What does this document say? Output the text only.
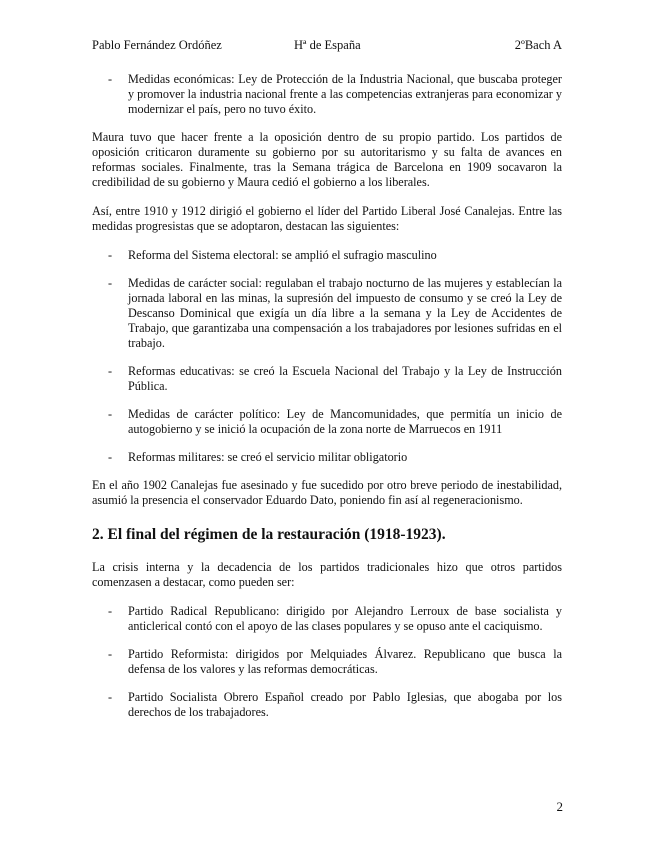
Pablo Fernández Ordóñez	Hª de España	2ºBach A
- Medidas económicas: Ley de Protección de la Industria Nacional, que buscaba proteger y promover la industria nacional frente a las competencias extranjeras para economizar y modernizar el país, pero no tuvo éxito.

Maura tuvo que hacer frente a la oposición dentro de su propio partido. Los partidos de oposición criticaron duramente su gobierno por su autoritarismo y su falta de avances en reformas sociales. Finalmente, tras la Semana trágica de Barcelona en 1909 socavaron la credibilidad de su gobierno y Maura cedió el gobierno a los liberales.

Así, entre 1910 y 1912 dirigió el gobierno el líder del Partido Liberal José Canalejas. Entre las medidas progresistas que se adoptaron, destacan las siguientes:

- Reforma del Sistema electoral: se amplió el sufragio masculino
- Medidas de carácter social: regulaban el trabajo nocturno de las mujeres y establecían la jornada laboral en las minas, la supresión del impuesto de consumo y se creó la Ley de Descanso Dominical que exigía un día libre a la semana y la Ley de Accidentes de Trabajo, que garantizaba una compensación a los trabajadores por lesiones sufridas en el trabajo.
- Reformas educativas: se creó la Escuela Nacional del Trabajo y la Ley de Instrucción Pública.
- Medidas de carácter político: Ley de Mancomunidades, que permitía un inicio de autogobierno y se inició la ocupación de la zona norte de Marruecos en 1911
- Reformas militares: se creó el servicio militar obligatorio

En el año 1902 Canalejas fue asesinado y fue sucedido por otro breve periodo de inestabilidad, asumió la presencia el conservador Eduardo Dato, poniendo fin así al regeneracionismo.

2. El final del régimen de la restauración (1918-1923).

La crisis interna y la decadencia de los partidos tradicionales hizo que otros partidos comenzasen a destacar, como pueden ser:

- Partido Radical Republicano: dirigido por Alejandro Lerroux de base socialista y anticlerical contó con el apoyo de las clases populares y se opuso ante el caciquismo.
- Partido Reformista: dirigidos por Melquiades Álvarez. Republicano que busca la defensa de los valores y las reformas democráticas.
- Partido Socialista Obrero Español creado por Pablo Iglesias, que abogaba por los derechos de los trabajadores.
2
